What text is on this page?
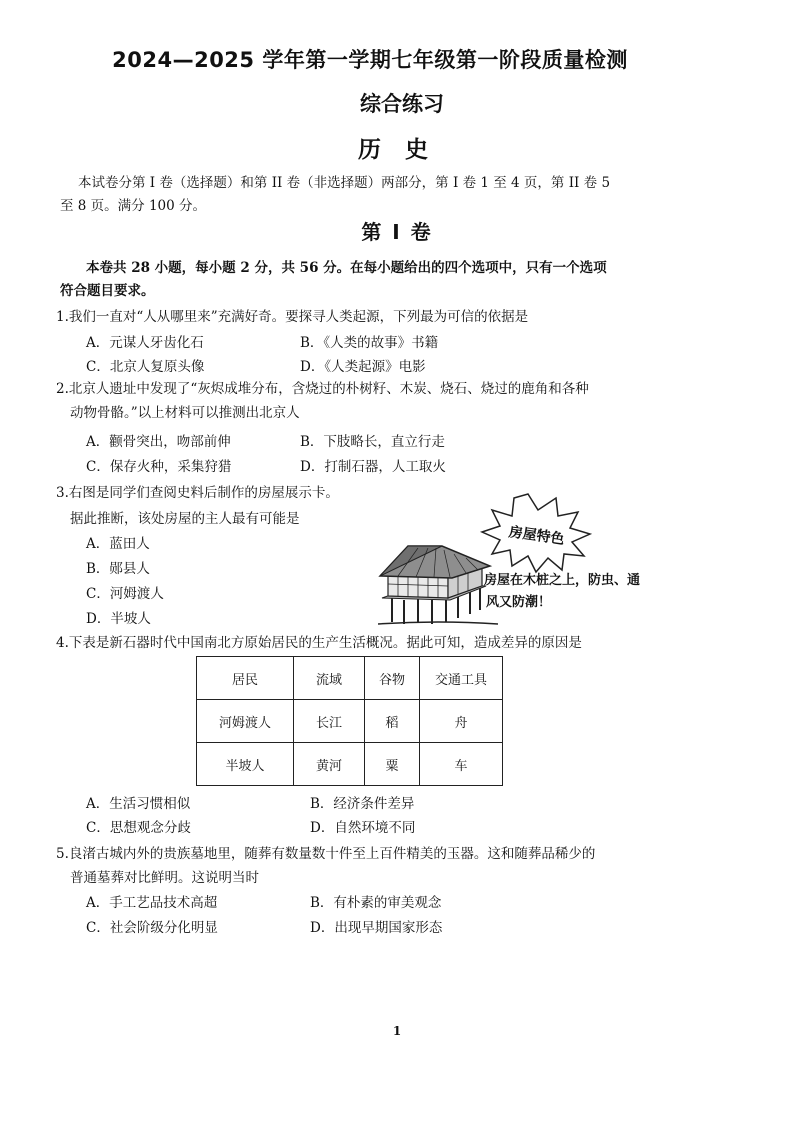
2024—2025 学年第一学期七年级第一阶段质量检测
综合练习
历 史
本试卷分第 I 卷（选择题）和第 II 卷（非选择题）两部分，第 I 卷 1 至 4 页，第 II 卷 5
至 8 页。满分 100 分。
第 I 卷
本卷共 28 小题，每小题 2 分，共 56 分。在每小题给出的四个选项中，只有一个选项
符合题目要求。
1.我们一直对“人从哪里来”充满好奇。要探寻人类起源，下列最为可信的依据是
A．元谋人牙齿化石	B．《人类的故事》书籍
C．北京人复原头像	D．《人类起源》电影
2.北京人遗址中发现了“灰烬成堆分布，含烧过的朴树籽、木炭、烧石、烧过的鹿角和各种
动物骨骼。”以上材料可以推测出北京人
A．颧骨突出，吻部前伸	B．下肢略长，直立行走
C．保存火种，采集狩猎	D．打制石器，人工取火
3.右图是同学们查阅史料后制作的房屋展示卡。
据此推断，该处房屋的主人最有可能是
A．蓝田人
B．郧县人
C．河姆渡人
D．半坡人
房屋特色
房屋在木桩之上，防虫、通
风又防潮！
4.下表是新石器时代中国南北方原始居民的生产生活概况。据此可知，造成差异的原因是
居民	流域	谷物	交通工具
河姆渡人	长江	稻	舟
半坡人	黄河	粟	车
A．生活习惯相似	B．经济条件差异
C．思想观念分歧	D．自然环境不同
5.良渚古城内外的贵族墓地里，随葬有数量数十件至上百件精美的玉器。这和随葬品稀少的
普通墓葬对比鲜明。这说明当时
A．手工艺品技术高超	B．有朴素的审美观念
C．社会阶级分化明显	D．出现早期国家形态
1
